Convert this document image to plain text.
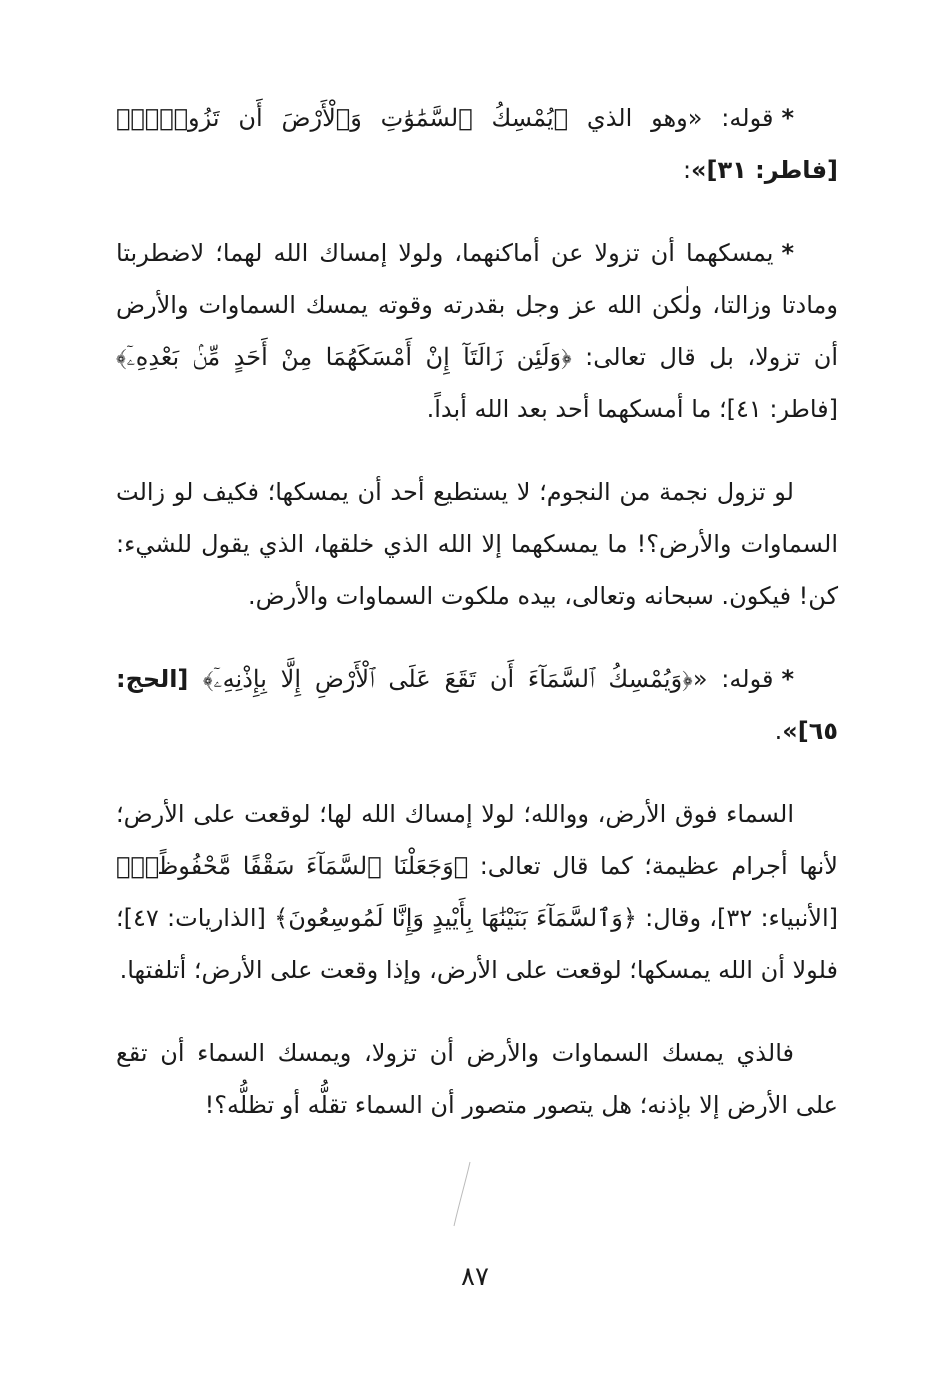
*قوله: «وهو الذي ﴿يُمْسِكُ ٱلسَّمَٰوَٰتِ وَٱلْأَرْضَ أَن تَزُولَاۚ﴾ [فاطر: ٣١]»:

*يمسكهما أن تزولا عن أماكنهما، ولولا إمساك الله لهما؛ لاضطربتا ومادتا وزالتا، ولٰكن الله عز وجل بقدرته وقوته يمسك السماوات والأرض أن تزولا، بل قال تعالى: ﴿وَلَئِن زَالَتَآ إِنْ أَمْسَكَهُمَا مِنْ أَحَدٍ مِّنۢ بَعْدِهِۦٓ﴾ [فاطر: ٤١]؛ ما أمسكهما أحد بعد الله أبداً.

لو تزول نجمة من النجوم؛ لا يستطيع أحد أن يمسكها؛ فكيف لو زالت السماوات والأرض؟! ما يمسكهما إلا الله الذي خلقها، الذي يقول للشيء: كن! فيكون. سبحانه وتعالى، بيده ملكوت السماوات والأرض.

*قوله: «﴿وَيُمْسِكُ ٱلسَّمَآءَ أَن تَقَعَ عَلَى ٱلْأَرْضِ إِلَّا بِإِذْنِهِۦٓ﴾ [الحج: ٦٥]».

السماء فوق الأرض، ووالله؛ لولا إمساك الله لها؛ لوقعت على الأرض؛ لأنها أجرام عظيمة؛ كما قال تعالى: ﴿وَجَعَلْنَا ٱلسَّمَآءَ سَقْفًا مَّحْفُوظًاۖ﴾ [الأنبياء: ٣٢]، وقال: ﴿وَٱلسَّمَآءَ بَنَيْنَٰهَا بِأَيْيدٍ وَإِنَّا لَمُوسِعُونَ﴾ [الذاريات: ٤٧]؛ فلولا أن الله يمسكها؛ لوقعت على الأرض، وإذا وقعت على الأرض؛ أتلفتها.

فالذي يمسك السماوات والأرض أن تزولا، ويمسك السماء أن تقع على الأرض إلا بإذنه؛ هل يتصور متصور أن السماء تقلُّه أو تظلُّه؟!

٨٧
